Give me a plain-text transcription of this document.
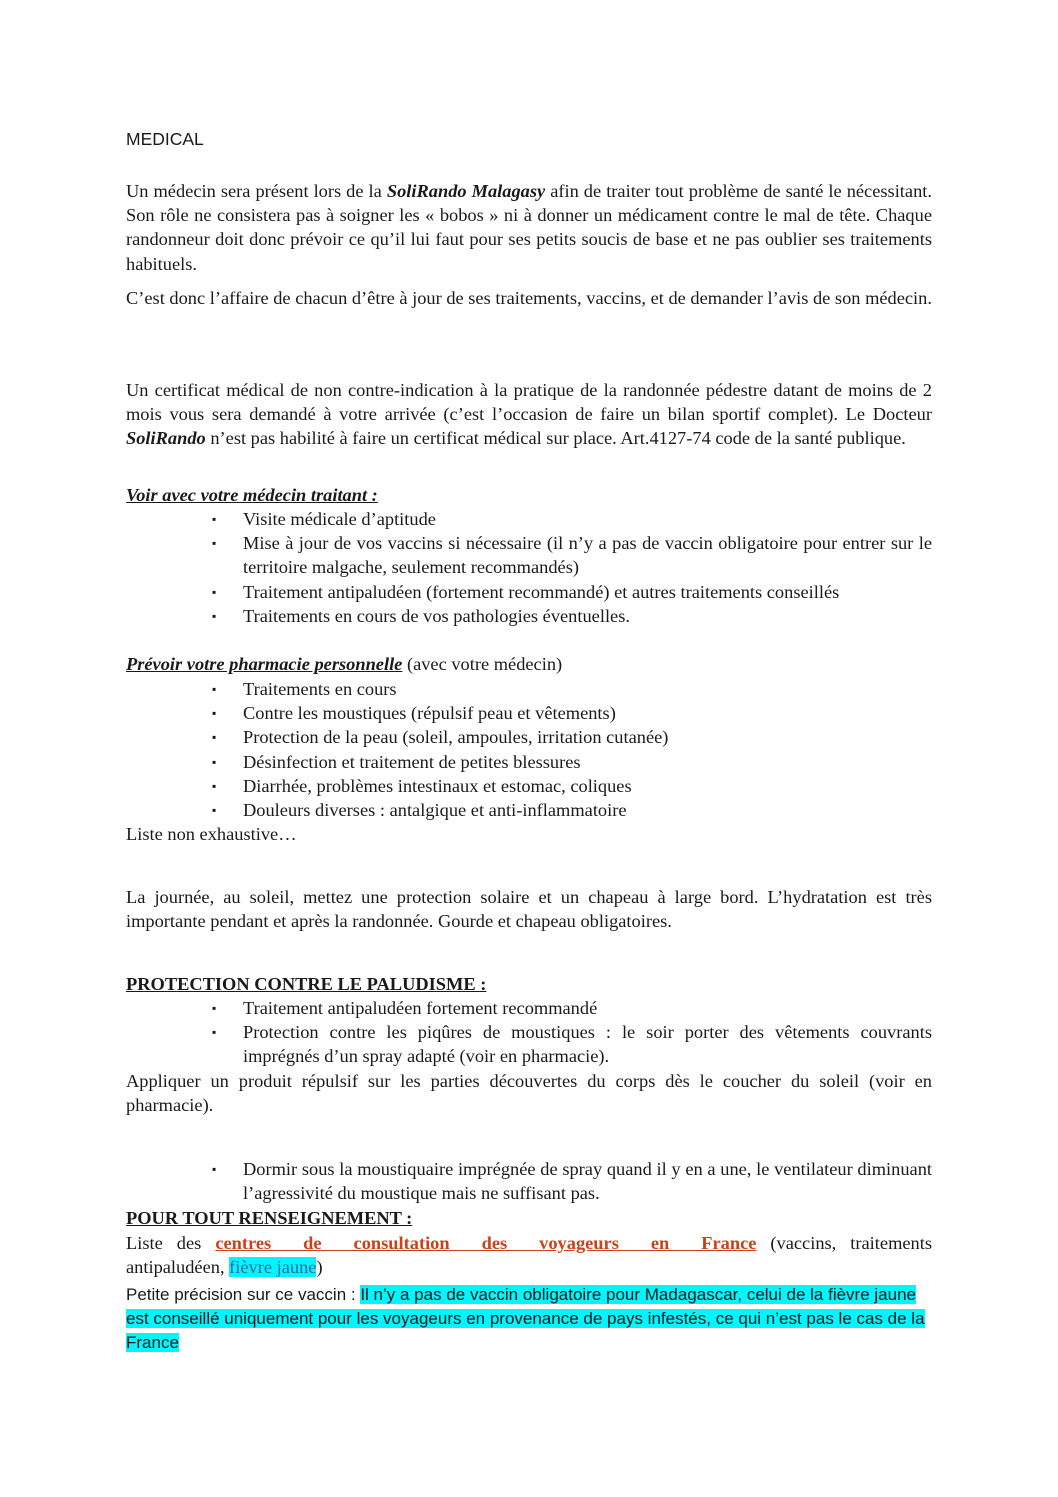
MEDICAL

Un médecin sera présent lors de la SoliRando Malagasy afin de traiter tout problème de santé le nécessitant. Son rôle ne consistera pas à soigner les « bobos » ni à donner un médicament contre le mal de tête. Chaque randonneur doit donc prévoir ce qu’il lui faut pour ses petits soucis de base et ne pas oublier ses traitements habituels.

C’est donc l’affaire de chacun d’être à jour de ses traitements, vaccins, et de demander l’avis de son médecin.

Un certificat médical de non contre-indication à la pratique de la randonnée pédestre datant de moins de 2 mois vous sera demandé à votre arrivée (c’est l’occasion de faire un bilan sportif complet). Le Docteur SoliRando n’est pas habilité à faire un certificat médical sur place. Art.4127-74 code de la santé publique.

Voir avec votre médecin traitant :

▪ Visite médicale d’aptitude
▪ Mise à jour de vos vaccins si nécessaire (il n’y a pas de vaccin obligatoire pour entrer sur le territoire malgache, seulement recommandés)
▪ Traitement antipaludéen (fortement recommandé) et autres traitements conseillés
▪ Traitements en cours de vos pathologies éventuelles.

Prévoir votre pharmacie personnelle (avec votre médecin)

▪ Traitements en cours
▪ Contre les moustiques (répulsif peau et vêtements)
▪ Protection de la peau (soleil, ampoules, irritation cutanée)
▪ Désinfection et traitement de petites blessures
▪ Diarrhée, problèmes intestinaux et estomac, coliques
▪ Douleurs diverses : antalgique et anti-inflammatoire

Liste non exhaustive…

La journée, au soleil, mettez une protection solaire et un chapeau à large bord. L’hydratation est très importante pendant et après la randonnée. Gourde et chapeau obligatoires.

PROTECTION CONTRE LE PALUDISME :

▪ Traitement antipaludéen fortement recommandé
▪ Protection contre les piqûres de moustiques : le soir porter des vêtements couvrants imprégnés d’un spray adapté (voir en pharmacie).

Appliquer un produit répulsif sur les parties découvertes du corps dès le coucher du soleil (voir en pharmacie).

▪ Dormir sous la moustiquaire imprégnée de spray quand il y en a une, le ventilateur diminuant l’agressivité du moustique mais ne suffisant pas.

POUR TOUT RENSEIGNEMENT :

Liste des centres de consultation des voyageurs en France (vaccins, traitements antipaludéen, fièvre jaune)

Petite précision sur ce vaccin : Il n’y a pas de vaccin obligatoire pour Madagascar, celui de la fièvre jaune est conseillé uniquement pour les voyageurs en provenance de pays infestés, ce qui n’est pas le cas de la France
